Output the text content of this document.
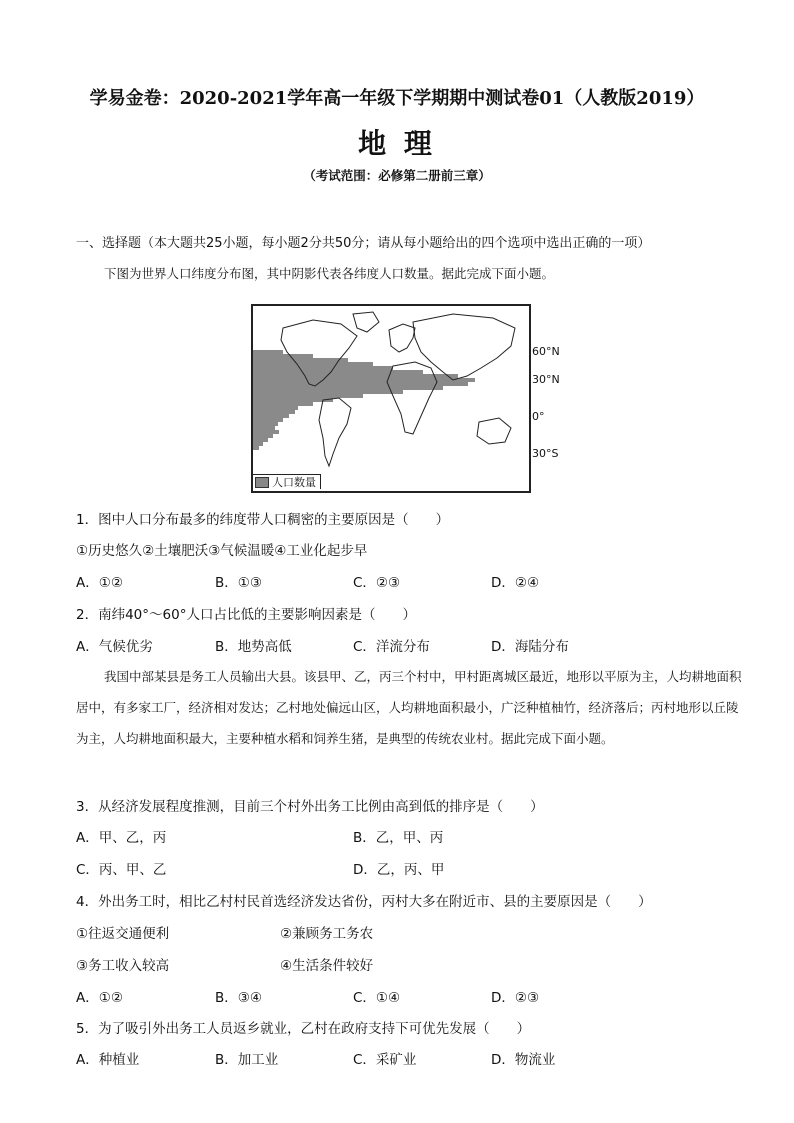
学易金卷：2020-2021学年高一年级下学期期中测试卷01（人教版2019）
地 理
（考试范围：必修第二册前三章）
一、选择题（本大题共25小题，每小题2分共50分；请从每小题给出的四个选项中选出正确的一项）
下图为世界人口纬度分布图，其中阴影代表各纬度人口数量。据此完成下面小题。
60°N
30°N
0°
30°S
人口数量
1．图中人口分布最多的纬度带人口稠密的主要原因是（　　）
①历史悠久②土壤肥沃③气候温暖④工业化起步早
A．①②	B．①③	C．②③	D．②④
2．南纬40°～60°人口占比低的主要影响因素是（　　）
A．气候优劣	B．地势高低	C．洋流分布	D．海陆分布
我国中部某县是务工人员输出大县。该县甲、乙，丙三个村中，甲村距离城区最近，地形以平原为主，人均耕地面积居中，有多家工厂，经济相对发达；乙村地处偏远山区，人均耕地面积最小，广泛种植柚竹，经济落后；丙村地形以丘陵为主，人均耕地面积最大，主要种植水稻和饲养生猪，是典型的传统农业村。据此完成下面小题。
3．从经济发展程度推测，目前三个村外出务工比例由高到低的排序是（　　）
A．甲、乙，丙	B．乙，甲、丙
C．丙、甲、乙	D．乙，丙、甲
4．外出务工时，相比乙村村民首选经济发达省份，丙村大多在附近市、县的主要原因是（　　）
①往返交通便利	②兼顾务工务农
③务工收入较高	④生活条件较好
A．①②	B．③④	C．①④	D．②③
5．为了吸引外出务工人员返乡就业，乙村在政府支持下可优先发展（　　）
A．种植业	B．加工业	C．采矿业	D．物流业
